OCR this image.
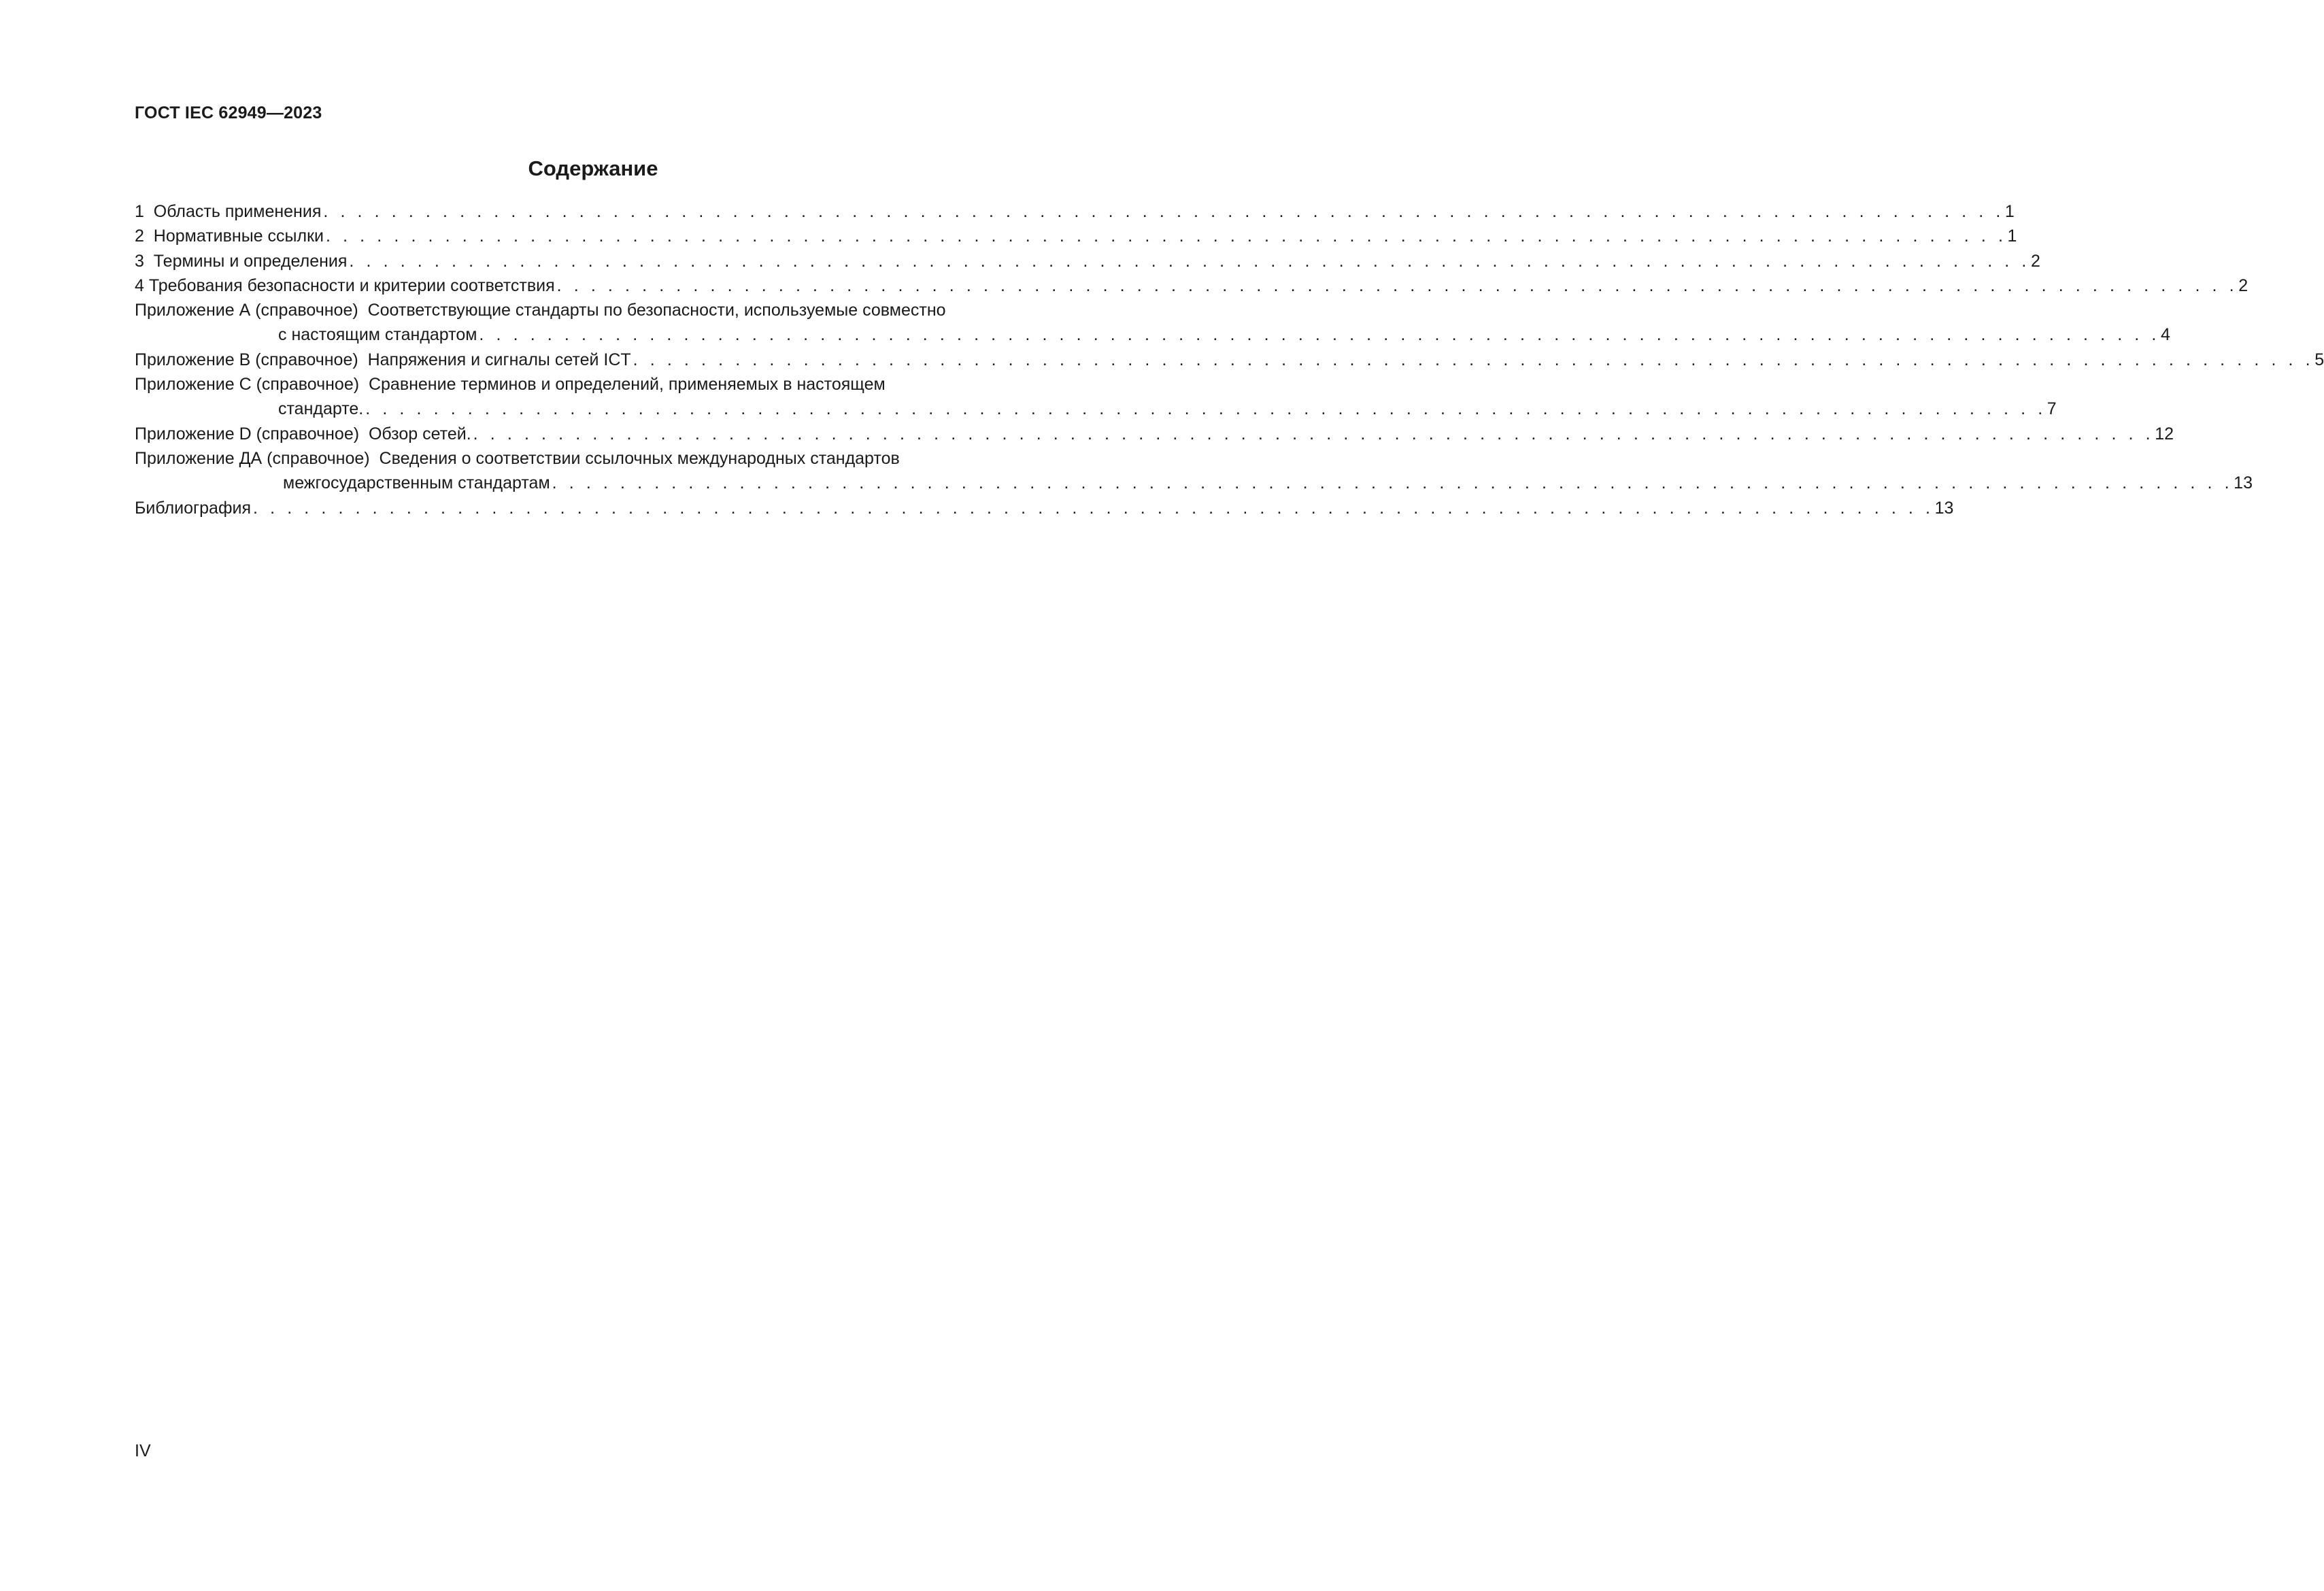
ГОСТ IEC 62949—2023
Содержание
1  Область применения . . . . . . . . . . . . . . . . . . . . . . . . . . . . . . . . . . . . . . . . . . . . . . . . . . . . . . . . . . . . . . . . . . . . . . . . . . . . . . . . . . . . . . . . . . . . . . . . . . . 1
2  Нормативные ссылки . . . . . . . . . . . . . . . . . . . . . . . . . . . . . . . . . . . . . . . . . . . . . . . . . . . . . . . . . . . . . . . . . . . . . . . . . . . . . . . . . . . . . . . . . . . . . . . . . . . 1
3  Термины и определения . . . . . . . . . . . . . . . . . . . . . . . . . . . . . . . . . . . . . . . . . . . . . . . . . . . . . . . . . . . . . . . . . . . . . . . . . . . . . . . . . . . . . . . . . . . . . . . . . . . 2
4 Требования безопасности и критерии соответствия . . . . . . . . . . . . . . . . . . . . . . . . . . . . . . . . . . . . . . . . . . . . . . . . . . . . . . . . . . . . . . . . . . . . . . . . . . . . . . . . . . . . . . . . . . . . . . . . . . . 2
Приложение А (справочное)  Соответствующие стандарты по безопасности, используемые совместно
с настоящим стандартом . . . . . . . . . . . . . . . . . . . . . . . . . . . . . . . . . . . . . . . . . . . . . . . . . . . . . . . . . . . . . . . . . . . . . . . . . . . . . . . . . . . . . . . . . . . . . . . . . . . 4
Приложение В (справочное)  Напряжения и сигналы сетей ICT . . . . . . . . . . . . . . . . . . . . . . . . . . . . . . . . . . . . . . . . . . . . . . . . . . . . . . . . . . . . . . . . . . . . . . . . . . . . . . . . . . . . . . . . . . . . . . . . . . . 5
Приложение С (справочное)  Сравнение терминов и определений, применяемых в настоящем
стандарте. . . . . . . . . . . . . . . . . . . . . . . . . . . . . . . . . . . . . . . . . . . . . . . . . . . . . . . . . . . . . . . . . . . . . . . . . . . . . . . . . . . . . . . . . . . . . . . . . . . . 7
Приложение D (справочное)  Обзор сетей. . . . . . . . . . . . . . . . . . . . . . . . . . . . . . . . . . . . . . . . . . . . . . . . . . . . . . . . . . . . . . . . . . . . . . . . . . . . . . . . . . . . . . . . . . . . . . . . . . . . 12
Приложение ДА (справочное)  Сведения о соответствии ссылочных международных стандартов
межгосударственным стандартам . . . . . . . . . . . . . . . . . . . . . . . . . . . . . . . . . . . . . . . . . . . . . . . . . . . . . . . . . . . . . . . . . . . . . . . . . . . . . . . . . . . . . . . . . . . . . . . . . . . 13
Библиография . . . . . . . . . . . . . . . . . . . . . . . . . . . . . . . . . . . . . . . . . . . . . . . . . . . . . . . . . . . . . . . . . . . . . . . . . . . . . . . . . . . . . . . . . . . . . . . . . . . 13
IV
